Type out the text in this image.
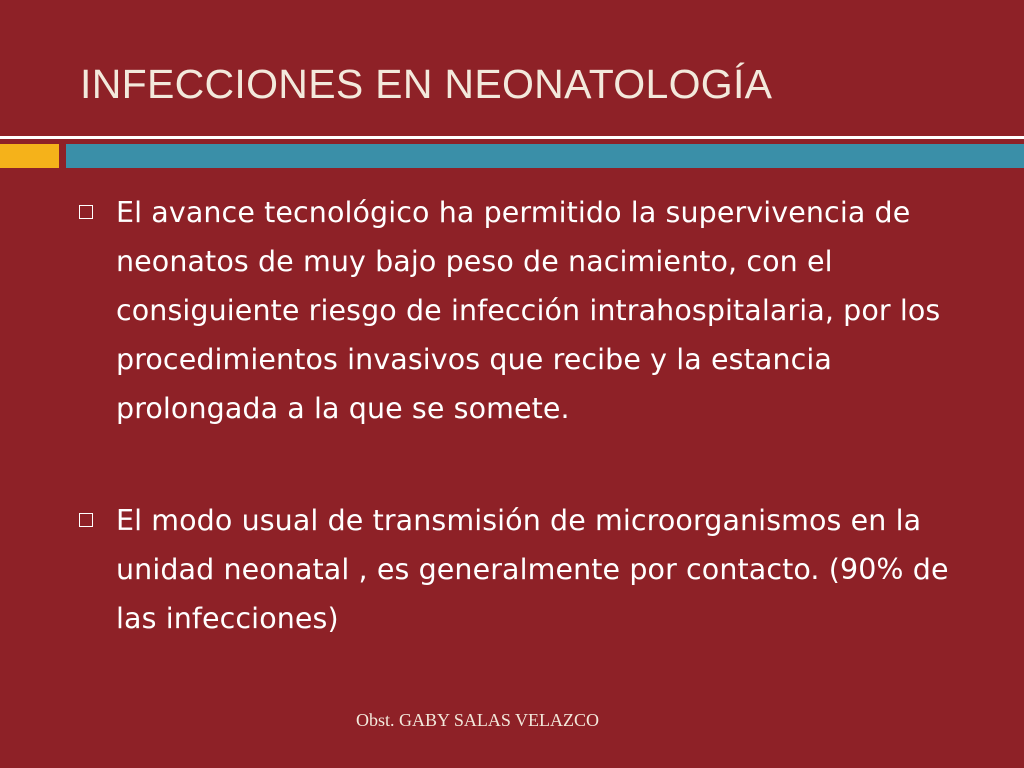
INFECCIONES EN NEONATOLOGÍA
El avance tecnológico ha permitido la supervivencia de neonatos de muy bajo peso de nacimiento, con el consiguiente riesgo de infección intrahospitalaria, por los procedimientos invasivos que recibe y la estancia prolongada a la que se somete.
El modo usual de transmisión de microorganismos en la unidad neonatal , es generalmente por contacto. (90% de las infecciones)
Obst. GABY SALAS VELAZCO
